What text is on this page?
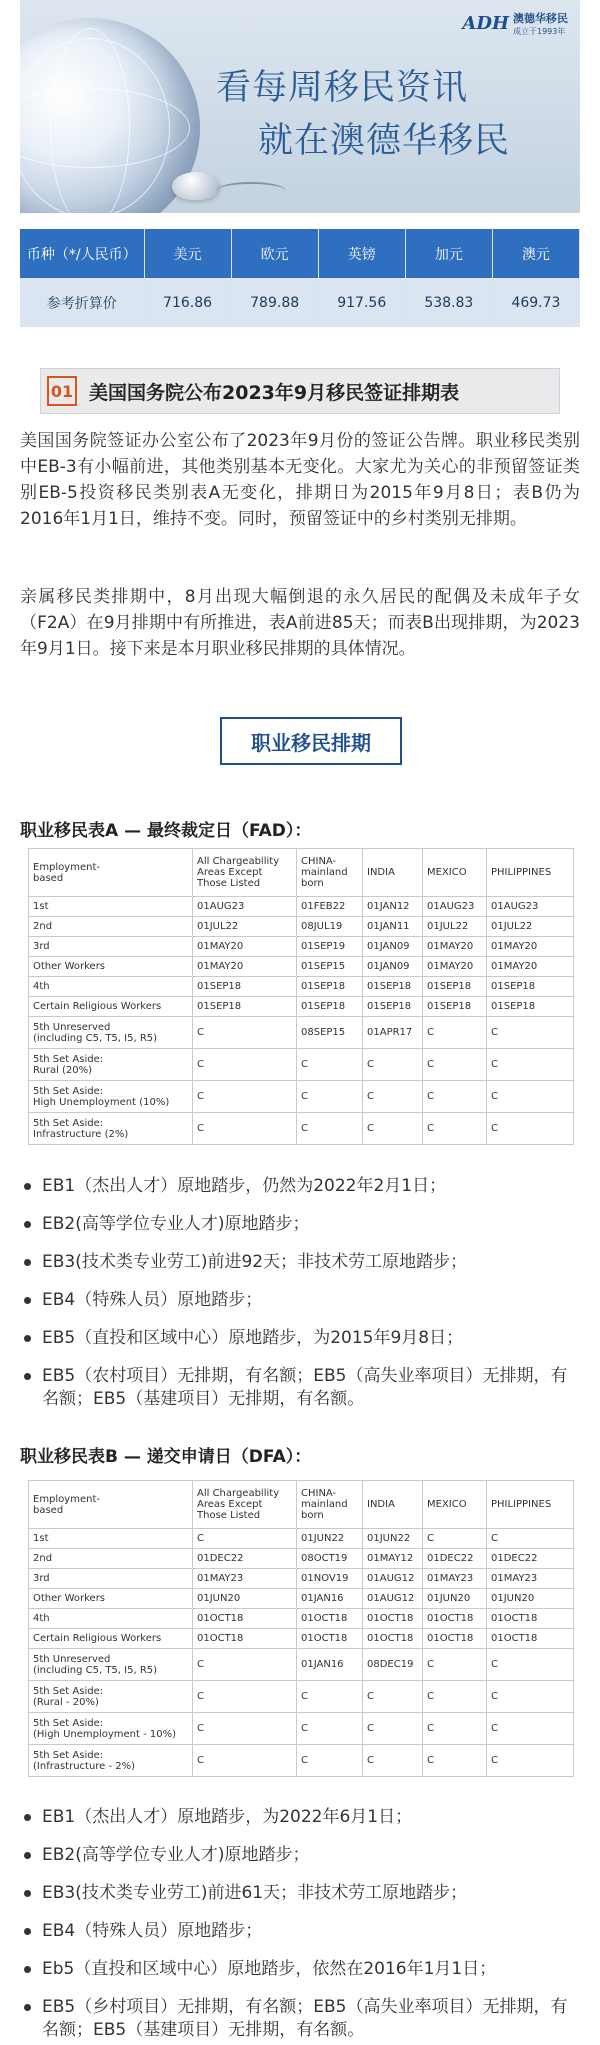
ADH 澳德华移民
成立于1993年
看每周移民资讯
就在澳德华移民
币种（*/人民币）	美元	欧元	英镑	加元	澳元
参考折算价	716.86	789.88	917.56	538.83	469.73
01 美国国务院公布2023年9月移民签证排期表

美国国务院签证办公室公布了2023年9月份的签证公告牌。职业移民类别中EB-3有小幅前进，其他类别基本无变化。大家尤为关心的非预留签证类别EB-5投资移民类别表A无变化，排期日为2015年9月8日；表B仍为2016年1月1日，维持不变。同时，预留签证中的乡村类别无排期。

亲属移民类排期中，8月出现大幅倒退的永久居民的配偶及未成年子女（F2A）在9月排期中有所推进，表A前进85天；而表B出现排期，为2023年9月1日。接下来是本月职业移民排期的具体情况。

职业移民排期
职业移民表A — 最终裁定日（FAD）：
Employment-
based	All Chargeability
Areas Except
Those Listed	CHINA-
mainland
born	INDIA	MEXICO	PHILIPPINES
1st	01AUG23	01FEB22	01JAN12	01AUG23	01AUG23
2nd	01JUL22	08JUL19	01JAN11	01JUL22	01JUL22
3rd	01MAY20	01SEP19	01JAN09	01MAY20	01MAY20
Other Workers	01MAY20	01SEP15	01JAN09	01MAY20	01MAY20
4th	01SEP18	01SEP18	01SEP18	01SEP18	01SEP18
Certain Religious Workers	01SEP18	01SEP18	01SEP18	01SEP18	01SEP18
5th Unreserved
(including C5, T5, I5, R5)	C	08SEP15	01APR17	C	C
5th Set Aside:
Rural (20%)	C	C	C	C	C
5th Set Aside:
High Unemployment (10%)	C	C	C	C	C
5th Set Aside:
Infrastructure (2%)	C	C	C	C	C
EB1（杰出人才）原地踏步，仍然为2022年2月1日；
EB2(高等学位专业人才)原地踏步；
EB3(技术类专业劳工)前进92天；非技术劳工原地踏步；
EB4（特殊人员）原地踏步；
EB5（直投和区域中心）原地踏步，为2015年9月8日；
EB5（农村项目）无排期，有名额；EB5（高失业率项目）无排期，有名额；EB5（基建项目）无排期，有名额。
职业移民表B — 递交申请日（DFA）：
Employment-
based	All Chargeability
Areas Except
Those Listed	CHINA-
mainland
born	INDIA	MEXICO	PHILIPPINES
1st	C	01JUN22	01JUN22	C	C
2nd	01DEC22	08OCT19	01MAY12	01DEC22	01DEC22
3rd	01MAY23	01NOV19	01AUG12	01MAY23	01MAY23
Other Workers	01JUN20	01JAN16	01AUG12	01JUN20	01JUN20
4th	01OCT18	01OCT18	01OCT18	01OCT18	01OCT18
Certain Religious Workers	01OCT18	01OCT18	01OCT18	01OCT18	01OCT18
5th Unreserved
(including C5, T5, I5, R5)	C	01JAN16	08DEC19	C	C
5th Set Aside:
(Rural - 20%)	C	C	C	C	C
5th Set Aside:
(High Unemployment - 10%)	C	C	C	C	C
5th Set Aside:
(Infrastructure - 2%)	C	C	C	C	C
EB1（杰出人才）原地踏步，为2022年6月1日；
EB2(高等学位专业人才)原地踏步；
EB3(技术类专业劳工)前进61天；非技术劳工原地踏步；
EB4（特殊人员）原地踏步；
Eb5（直投和区域中心）原地踏步，依然在2016年1月1日；
EB5（乡村项目）无排期，有名额；EB5（高失业率项目）无排期，有名额；EB5（基建项目）无排期，有名额。
